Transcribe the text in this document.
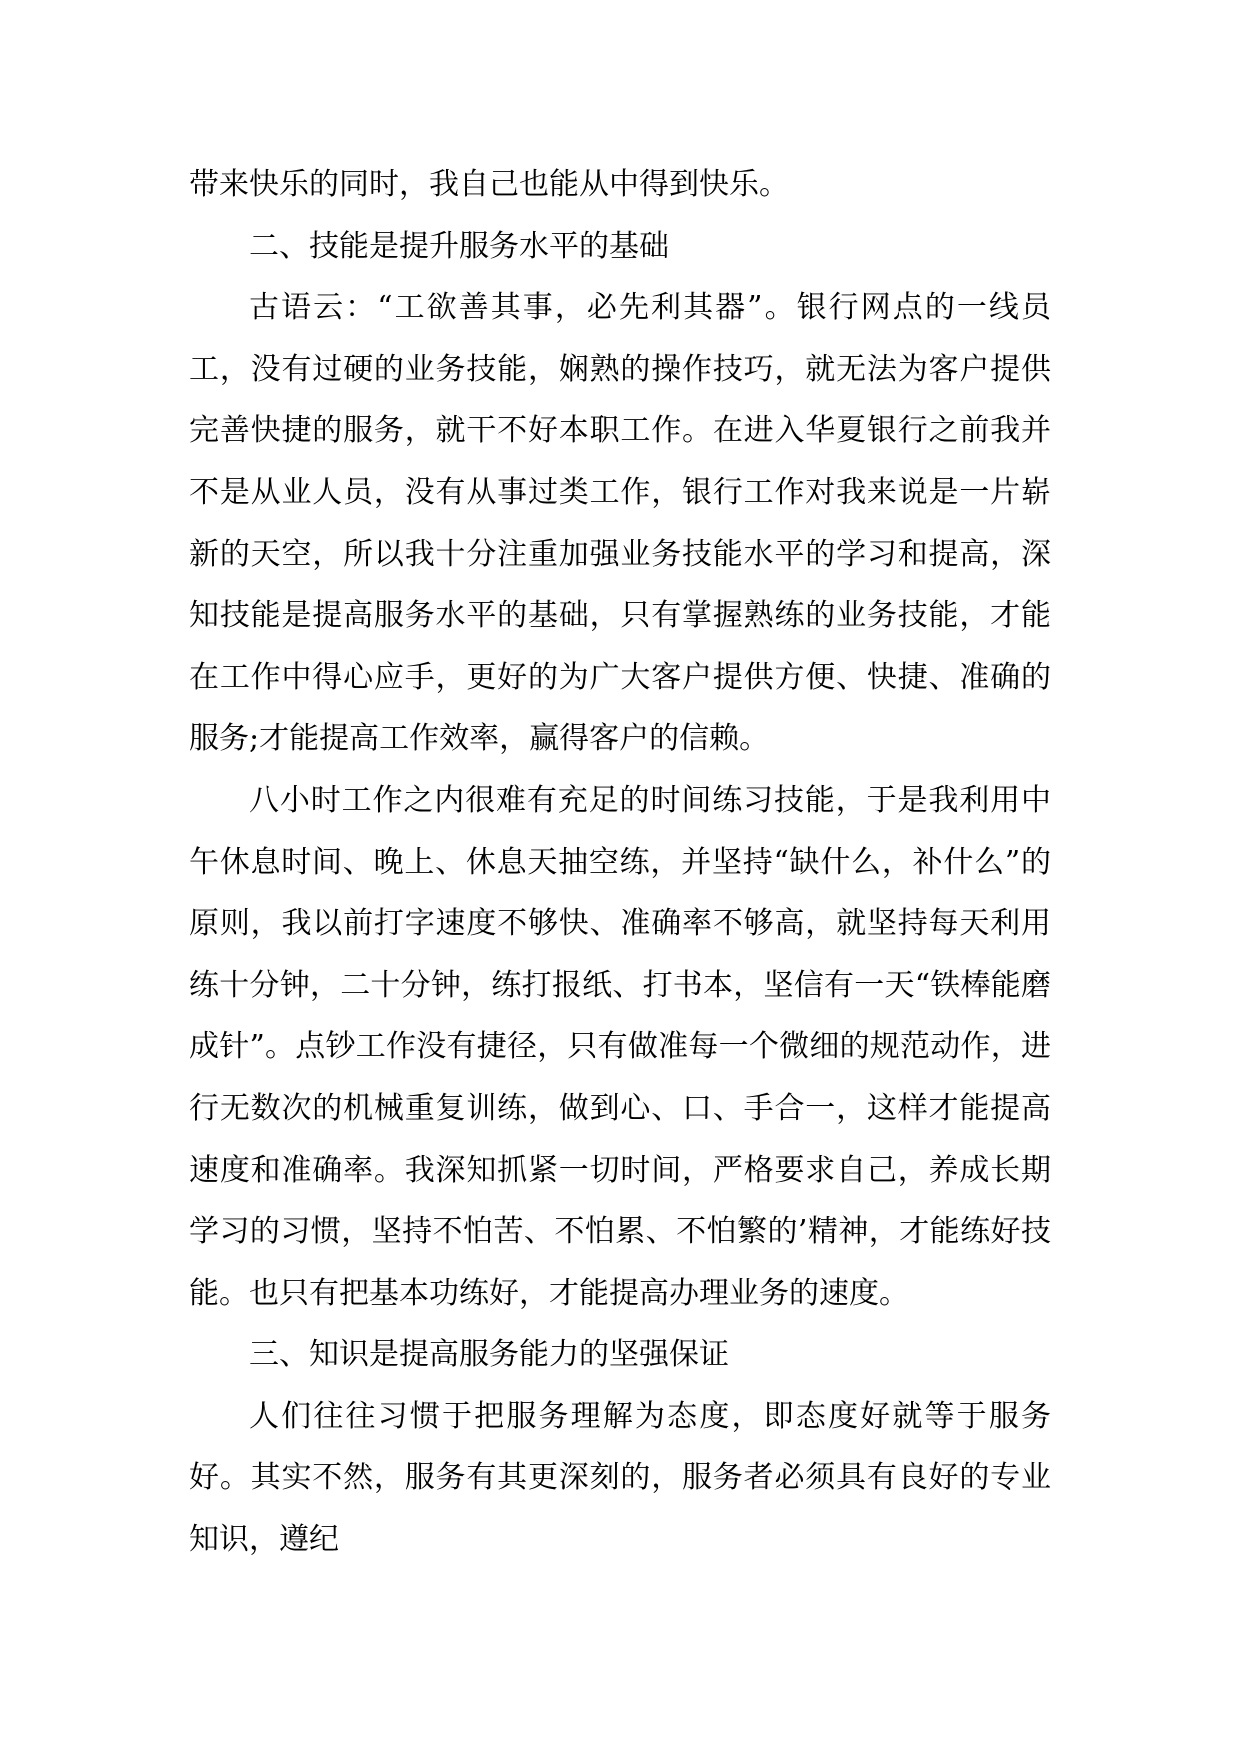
带来快乐的同时，我自己也能从中得到快乐。

二、技能是提升服务水平的基础

古语云：“工欲善其事，必先利其器”。银行网点的一线员工，没有过硬的业务技能，娴熟的操作技巧，就无法为客户提供完善快捷的服务，就干不好本职工作。在进入华夏银行之前我并不是从业人员，没有从事过类工作，银行工作对我来说是一片崭新的天空，所以我十分注重加强业务技能水平的学习和提高，深知技能是提高服务水平的基础，只有掌握熟练的业务技能，才能在工作中得心应手，更好的为广大客户提供方便、快捷、准确的服务;才能提高工作效率，赢得客户的信赖。

八小时工作之内很难有充足的时间练习技能，于是我利用中午休息时间、晚上、休息天抽空练，并坚持“缺什么，补什么”的原则，我以前打字速度不够快、准确率不够高，就坚持每天利用练十分钟，二十分钟，练打报纸、打书本，坚信有一天“铁棒能磨成针”。点钞工作没有捷径，只有做准每一个微细的规范动作，进行无数次的机械重复训练，做到心、口、手合一，这样才能提高速度和准确率。我深知抓紧一切时间，严格要求自己，养成长期学习的习惯，坚持不怕苦、不怕累、不怕繁的’精神，才能练好技能。也只有把基本功练好，才能提高办理业务的速度。

三、知识是提高服务能力的坚强保证

人们往往习惯于把服务理解为态度，即态度好就等于服务好。其实不然，服务有其更深刻的，服务者必须具有良好的专业知识，遵纪
